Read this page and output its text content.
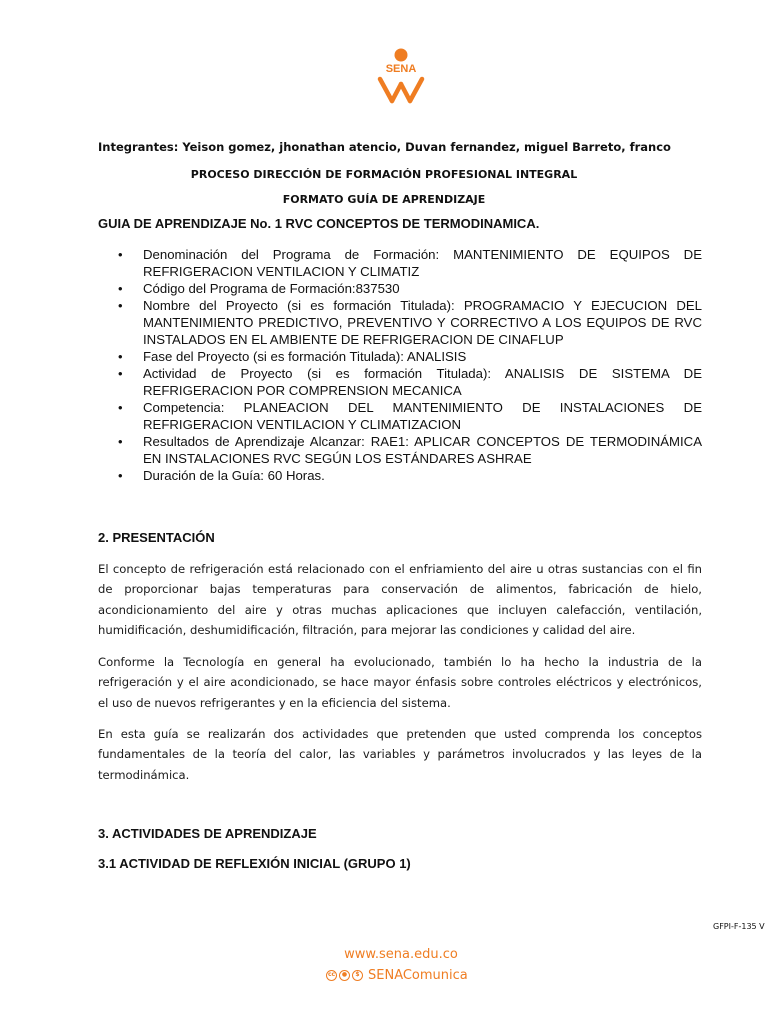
SENA
Integrantes: Yeison gomez, jhonathan atencio, Duvan fernandez, miguel Barreto, franco
PROCESO DIRECCIÓN DE FORMACIÓN PROFESIONAL INTEGRAL
FORMATO GUÍA DE APRENDIZAJE
GUIA DE APRENDIZAJE No. 1 RVC CONCEPTOS DE TERMODINAMICA.
• Denominación del Programa de Formación: MANTENIMIENTO DE EQUIPOS DE REFRIGERACION VENTILACION Y CLIMATIZ
• Código del Programa de Formación:837530
• Nombre del Proyecto (si es formación Titulada): PROGRAMACIO Y EJECUCION DEL MANTENIMIENTO PREDICTIVO, PREVENTIVO Y CORRECTIVO A LOS EQUIPOS DE RVC INSTALADOS EN EL AMBIENTE DE REFRIGERACION DE CINAFLUP
• Fase del Proyecto (si es formación Titulada): ANALISIS
• Actividad de Proyecto (si es formación Titulada): ANALISIS DE SISTEMA DE REFRIGERACION POR COMPRENSION MECANICA
• Competencia: PLANEACION DEL MANTENIMIENTO DE INSTALACIONES DE REFRIGERACION VENTILACION Y CLIMATIZACION
• Resultados de Aprendizaje Alcanzar: RAE1: APLICAR CONCEPTOS DE TERMODINÁMICA EN INSTALACIONES RVC SEGÚN LOS ESTÁNDARES ASHRAE
• Duración de la Guía: 60 Horas.
2. PRESENTACIÓN

El concepto de refrigeración está relacionado con el enfriamiento del aire u otras sustancias con el fin de proporcionar bajas temperaturas para conservación de alimentos, fabricación de hielo, acondicionamiento del aire y otras muchas aplicaciones que incluyen calefacción, ventilación, humidificación, deshumidificación, filtración, para mejorar las condiciones y calidad del aire.

Conforme la Tecnología en general ha evolucionado, también lo ha hecho la industria de la refrigeración y el aire acondicionado, se hace mayor énfasis sobre controles eléctricos y electrónicos, el uso de nuevos refrigerantes y en la eficiencia del sistema.

En esta guía se realizarán dos actividades que pretenden que usted comprenda los conceptos fundamentales de la teoría del calor, las variables y parámetros involucrados y las leyes de la termodinámica.

3. ACTIVIDADES DE APRENDIZAJE
3.1 ACTIVIDAD DE REFLEXIÓN INICIAL (GRUPO 1)
GFPI-F-135 V
www.sena.edu.co
cc	●	$ SENAComunica
